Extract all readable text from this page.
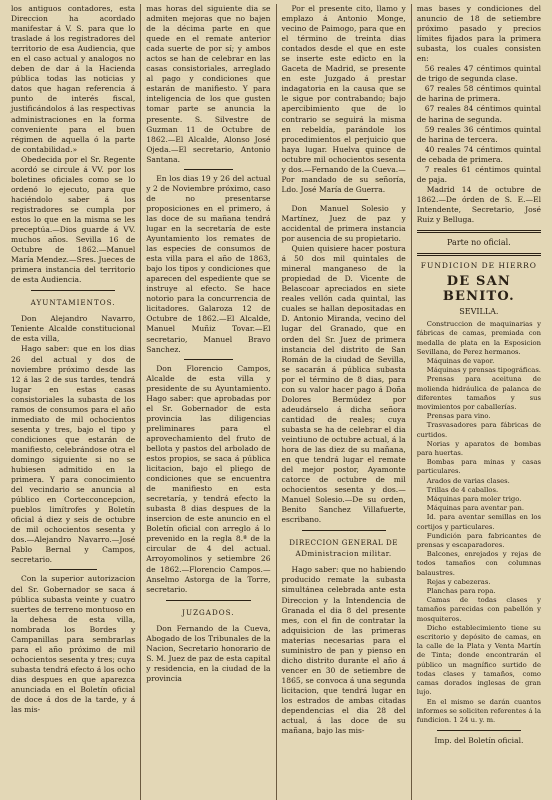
los antiguos contadores, esta Direccion ha acordado manifestar á V. S. para que lo traslade á los registradores del territorio de esa Audiencia, que en el caso actual y analogos no deben de dar á la Hacienda pública todas las noticias y datos que hagan referencia á punto de interés fiscal, justificándolos á las respectivas administraciones en la forma conveniente para el buen régimen de aquella ó la parte de contabilidad.»

Obedecida por el Sr. Regente acordó se circule á VV. por los boletines oficiales como se lo ordenó lo ejecuto, para que haciéndolo saber á los registradores se cumpla por estos lo que en la misma se les preceptúa.—Dios guarde á VV. muchos años. Sevilla 16 de Octubre de 1862.—Manuel María Mendez.—Sres. Jueces de primera instancia del territorio de esta Audiencia.

AYUNTAMIENTOS.

Don Alejandro Navarro, Teniente Alcalde constitucional de esta villa,

Hago saber: que en los dias 26 del actual y dos de noviembre próximo desde las 12 á las 2 de sus tardes, tendrá lugar en estas casas consistoriales la subasta de los ramos de consumos para el año inmediato de mil ochocientos sesenta y tres, bajo el tipo y condiciones que estarán de manifiesto, celebrándose otra el domingo siguiente si no se hubiesen admitido en la primera. Y para conocimiento del vecindario se anuncia al público en Cortecconcepcion, pueblos limítrofes y Boletín oficial á diez y seis de octubre de mil ochocientos sesenta y dos.—Alejandro Navarro.—José Pablo Bernal y Campos, secretario.

Con la superior autorizacion del Sr. Gobernador se saca á pública subasta veinte y cuatro suertes de terreno montuoso en la dehesa de esta villa, nombrada los Bordes y Campanillas para sembrarlas para el año próximo de mil ochocientos sesenta y tres; cuya subasta tendrá efecto á los ocho dias despues en que aparezca anunciada en el Boletín oficial de doce á dos de la tarde, y á las mis-

mas horas del siguiente dia se admiten mejoras que no bajen de la décima parte en que quede en el remate anterior cada suerte de por sí; y ambos actos se han de celebrar en las casas consistoriales, arreglado al pago y condiciones que estarán de manifiesto. Y para inteligencia de los que gusten tomar parte se anuncia la presente. S. Silvestre de Guzman 11 de Octubre de 1862.—El Alcalde, Alonso José Ojeda.—El secretario, Antonio Santana.

En los dias 19 y 26 del actual y 2 de Noviembre próximo, caso de no presentarse proposiciones en el primero, á las doce de su mañana tendrá lugar en la secretaría de este Ayuntamiento los remates de las especies de consumos de esta villa para el año de 1863, bajo los tipos y condiciones que aparecen del espediente que se instruye al efecto. Se hace notorio para la concurrencia de licitadores. Galaroza 12 de Octubre de 1862.—El Alcalde, Manuel Muñiz Tovar.—El secretario, Manuel Bravo Sanchez.

Don Florencio Campos, Alcalde de esta villa y presidente de su Ayuntamiento. Hago saber: que aprobadas por el Sr. Gobernador de esta provincia las diligencias preliminares para el aprovechamiento del fruto de bellota y pastos del arbolado de estos propios, se saca á pública licitacion, bajo el pliego de condiciones que se encuentra de manifiesto en esta secretaría, y tendrá efecto la subasta 8 dias despues de la insercion de este anuncio en el Boletín oficial con arreglo á lo prevenido en la regla 8.ª de la circular de 4 del actual. Arroyomolinos y setiembre 26 de 1862.—Florencio Campos.—Anselmo Astorga de la Torre, secretario.

JUZGADOS.

Don Fernando de la Cueva, Abogado de los Tribunales de la Nacion, Secretario honorario de S. M. Juez de paz de esta capital y residencia, en la ciudad de la provincia

Por el presente cito, llamo y emplazo á Antonio Monge, vecino de Paimogo, para que en el término de treinta dias contados desde el que en este se inserte este edicto en la Gaceta de Madrid, se presente en este Juzgado á prestar indagatoria en la causa que se le sigue por contrabando; bajo apercibimiento que de lo contrario se seguirá la misma en rebeldía, parándole los procedimientos el perjuicio que haya lugar. Huelva quince de octubre mil ochocientos sesenta y dos.—Fernando de la Cueva.—Por mandado de su señoría, Ldo. José María de Guerra.

Don Manuel Solesio y Martínez, Juez de paz y accidental de primera instancia por ausencia de su propietario.

Quien quisiere hacer postura á 50 dos mil quintales de mineral manganeso de la propiedad de D. Vicente de Belascoar apreciados en siete reales vellón cada quintal, las cuales se hallan depositadas en D. Antonio Miranda, vecino del lugar del Granado, que en orden del Sr. Juez de primera instancia del distrito de San Román de la ciudad de Sevilla, se sacarán á pública subasta por el término de 8 dias, para con su valor hacer pago á Doña Dolores Bermúdez por adeudárselo á dicha señora cantidad de reales; cuya subasta se ha de celebrar el dia veintiuno de octubre actual, á la hora de las diez de su mañana, en que tendrá lugar el remate del mejor postor, Ayamonte catorce de octubre de mil ochocientos sesenta y dos.—Manuel Solesio.—De su orden, Benito Sanchez Villafuerte, escribano.

DIRECCION GENERAL DE ADministracion militar.

Hago saber: que no habiendo producido remate la subasta simultánea celebrada ante esta Direccion y la Intendencia de Granada el dia 8 del presente mes, con el fin de contratar la adquisicion de las primeras materias necesarias para el suministro de pan y pienso en dicho distrito durante el año á vencer en 30 de setiembre de 1865, se convoca á una segunda licitacion, que tendrá lugar en los estrados de ambas citadas dependencias el dia 28 del actual, á las doce de su mañana, bajo las mis-

mas bases y condiciones del anuncio de 18 de setiembre próximo pasado y precios límites fijados para la primera subasta, los cuales consisten en:

56 reales 47 céntimos quintal de trigo de segunda clase.

67 reales 58 céntimos quintal de harina de primera.

67 reales 84 céntimos quintal de harina de segunda.

59 reales 36 céntimos quintal de harina de tercera.

40 reales 74 céntimos quintal de cebada de primera.

7 reales 61 céntimos quintal de paja.

Madrid 14 de octubre de 1862.—De órden de S. E.—El Intendente, Secretario, José Ruiz y Belluga.

Parte no oficial.
FUNDICION DE HIERRO
DE SAN BENITO.
SEVILLA.

Construccion de maquinarias y fábricas de camas, premiada con medalla de plata en la Esposicion Sevillana, de Perez hermanos.

Máquinas de vapor.

Máquinas y prensas tipográficas.

Prensas para aceituna de molienda hidráulica de palanca de diferentes tamaños y sus movimientos por caballerías.

Prensas para vino.

Trasvasadores para fábricas de curtidos.

Norias y aparatos de bombas para huertas.

Bombas para minas y casas particulares.

Arados de varias clases.

Trillas de 4 caballos.

Máquinas para moler trigo.

Máquinas para aventar pan.

Id. para aventar semillas en los cortijos y particulares.

Fundición para fabricantes de prensas y escaparadores.

Balcones, enrejados y rejas de todos tamaños con columnas balaustres.

Rejas y cabezeras.

Planchas para ropa.

Camas de todas clases y tamaños parecidas con pabellón y mosquiteros.

Dicho establecimiento tiene su escritorio y depósito de camas, en la calle de la Plata y Venta Martín de Tinta; donde encontrarán el público un magnífico surtido de todas clases y tamaños, como camas dorados inglesas de gran lujo.

En el mismo se darán cuantos informes se soliciten referentes á la fundicion. 1 24 u. y. m.

Imp. del Boletín oficial.
